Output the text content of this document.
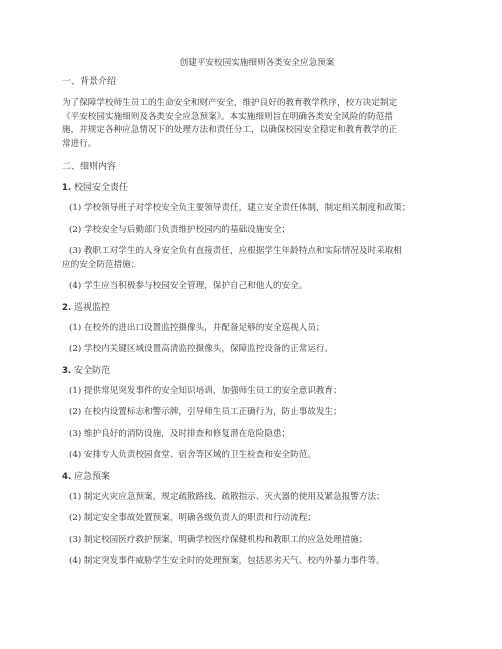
创建平安校园实施细则各类安全应急预案
一、背景介绍
为了保障学校师生员工的生命安全和财产安全，维护良好的教育教学秩序，校方决定制定
《平安校园实施细则及各类安全应急预案》。本实施细则旨在明确各类安全风险的防范措
施，并规定各种应急情况下的处理方法和责任分工，以确保校园安全稳定和教育教学的正
常进行。
二、细则内容
1. 校园安全责任
(1) 学校领导班子对学校安全负主要领导责任，建立安全责任体制，制定相关制度和政策；
(2) 学校安全与后勤部门负责维护校园内的基础设施安全；
(3) 教职工对学生的人身安全负有直接责任，应根据学生年龄特点和实际情况及时采取相
应的安全防范措施；
(4) 学生应当积极参与校园安全管理，保护自己和他人的安全。
2. 巡视监控
(1) 在校外的进出口设置监控摄像头，并配备足够的安全巡视人员；
(2) 学校内关键区域设置高清监控摄像头，保障监控设备的正常运行。
3. 安全防范
(1) 提供常见突发事件的安全知识培训，加强师生员工的安全意识教育；
(2) 在校内设置标志和警示牌，引导师生员工正确行为，防止事故发生；
(3) 维护良好的消防设施，及时排查和修复潜在危险隐患；
(4) 安排专人负责校园食堂、宿舍等区域的卫生检查和安全防范。
4. 应急预案
(1) 制定火灾应急预案，规定疏散路线、疏散指示、灭火器的使用及紧急报警方法；
(2) 制定安全事故处置预案，明确各级负责人的职责和行动流程；
(3) 制定校园医疗救护预案，明确学校医疗保健机构和教职工的应急处理措施；
(4) 制定突发事件威胁学生安全时的处理预案，包括恶劣天气、校内外暴力事件等。
